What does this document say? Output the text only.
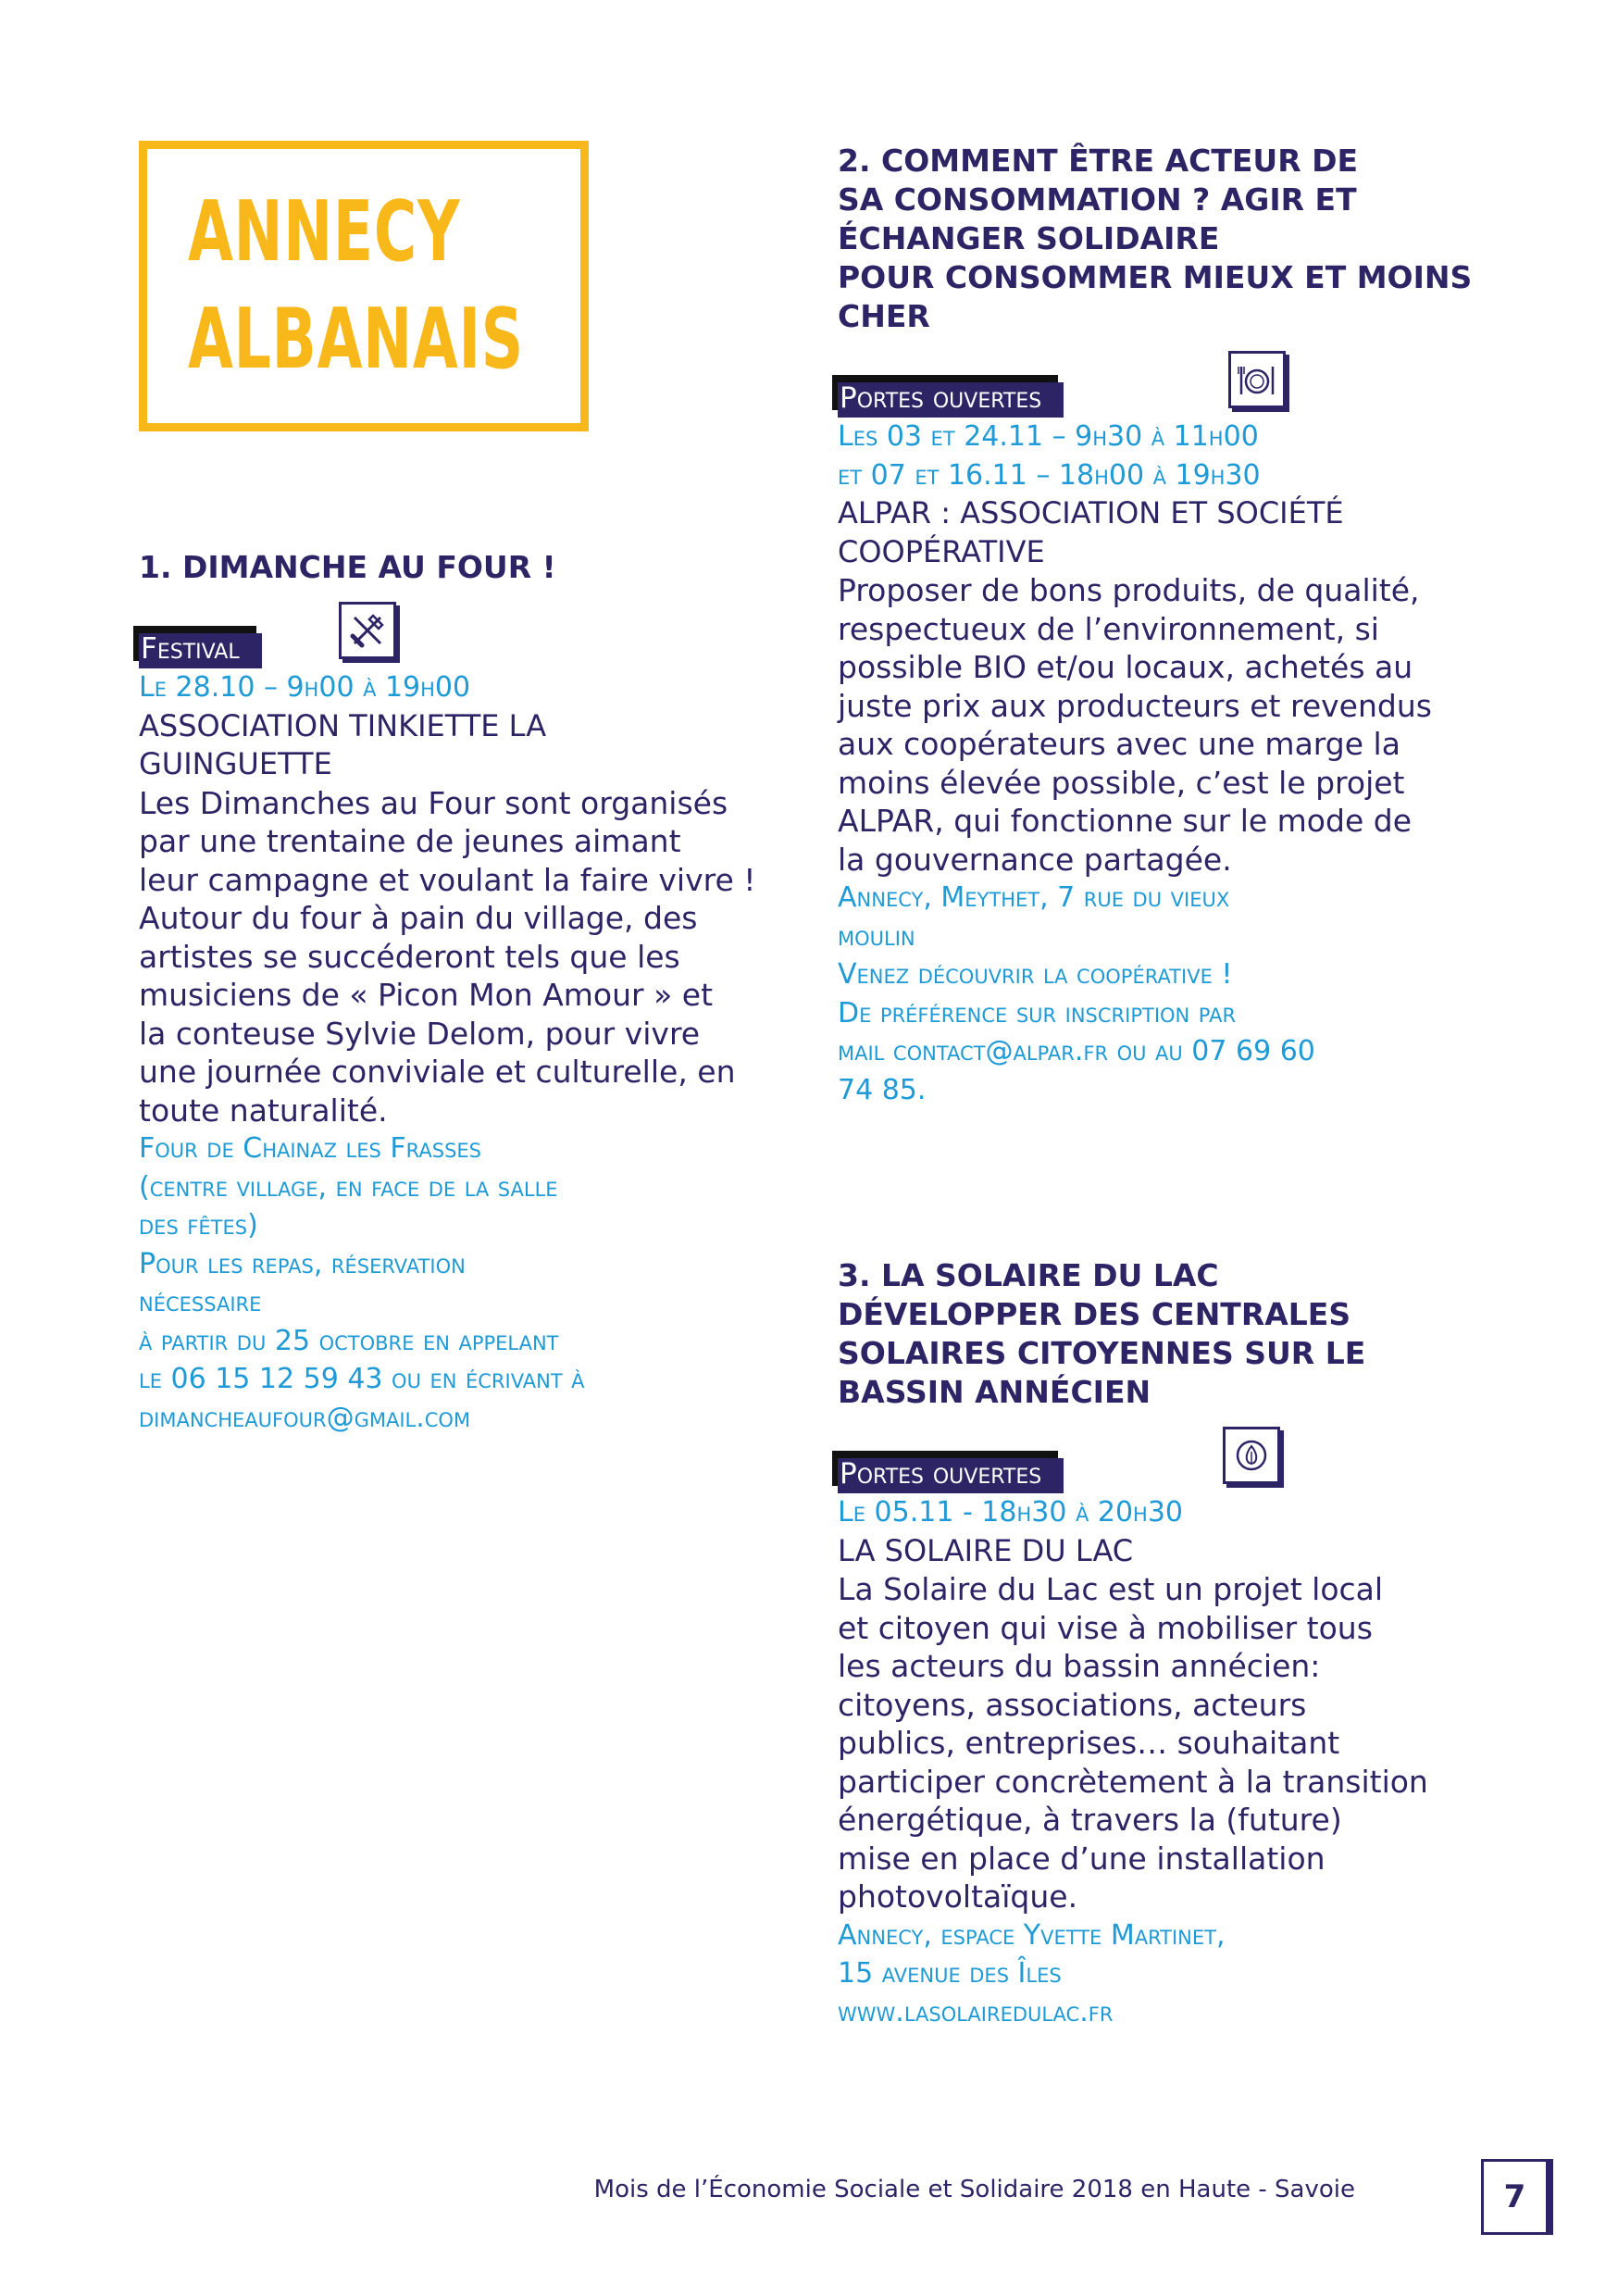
ANNECY
ALBANAIS

1. DIMANCHE AU FOUR !

Festival

Le 28.10 – 9h00 à 19h00

ASSOCIATION TINKIETTE LA

GUINGUETTE

Les Dimanches au Four sont organisés

par une trentaine de jeunes aimant

leur campagne et voulant la faire vivre !

Autour du four à pain du village, des

artistes se succéderont tels que les

musiciens de « Picon Mon Amour » et

la conteuse Sylvie Delom, pour vivre

une journée conviviale et culturelle, en

toute naturalité.

Four de Chainaz les Frasses

(centre village, en face de la salle

des fêtes)

Pour les repas, réservation

nécessaire

à partir du 25 octobre en appelant

le 06 15 12 59 43 ou en écrivant à

dimancheaufour@gmail.com

2. COMMENT ÊTRE ACTEUR DE

SA CONSOMMATION ? AGIR ET

ÉCHANGER SOLIDAIRE

POUR CONSOMMER MIEUX ET MOINS

CHER

Portes ouvertes

Les 03 et 24.11 – 9h30 à 11h00

et 07 et 16.11 – 18h00 à 19h30

ALPAR : ASSOCIATION ET SOCIÉTÉ

COOPÉRATIVE

Proposer de bons produits, de qualité,

respectueux de l’environnement, si

possible BIO et/ou locaux, achetés au

juste prix aux producteurs et revendus

aux coopérateurs avec une marge la

moins élevée possible, c’est le projet

ALPAR, qui fonctionne sur le mode de

la gouvernance partagée.

Annecy, Meythet, 7 rue du vieux

moulin

Venez découvrir la coopérative !

De préférence sur inscription par

mail contact@alpar.fr ou au 07 69 60

74 85.

3. LA SOLAIRE DU LAC

DÉVELOPPER DES CENTRALES

SOLAIRES CITOYENNES SUR LE

BASSIN ANNÉCIEN

Portes ouvertes

Le 05.11 - 18h30 à 20h30

LA SOLAIRE DU LAC

La Solaire du Lac est un projet local

et citoyen qui vise à mobiliser tous

les acteurs du bassin annécien:

citoyens, associations, acteurs

publics, entreprises… souhaitant

participer concrètement à la transition

énergétique, à travers la (future)

mise en place d’une installation

photovoltaïque.

Annecy, espace Yvette Martinet,

15 avenue des Îles

www.lasolairedulac.fr

Mois de l’Économie Sociale et Solidaire 2018 en Haute - Savoie	7
